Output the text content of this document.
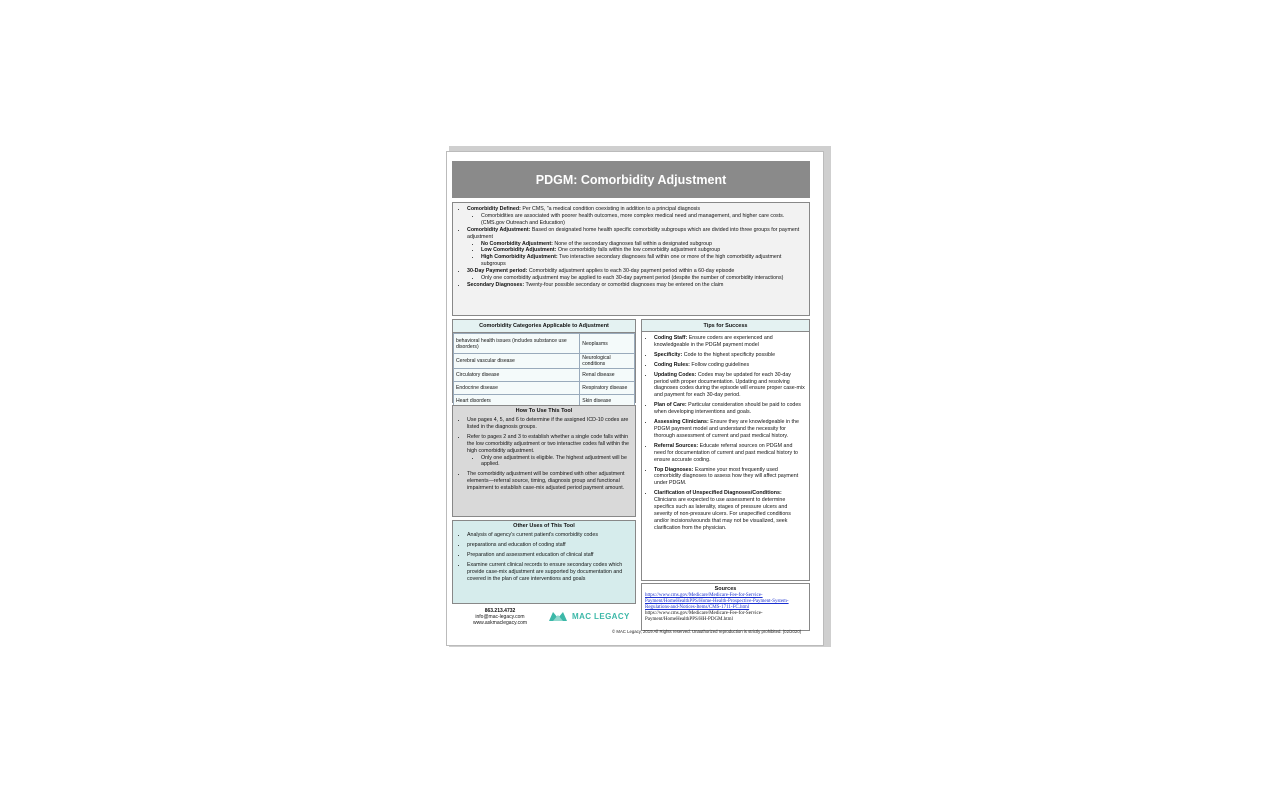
PDGM: Comorbidity Adjustment
• Comorbidity Defined: Per CMS, "a medical condition coexisting in addition to a principal diagnosis
• Comorbidities are associated with poorer health outcomes, more complex medical need and management, and higher care costs. (CMS.gov Outreach and Education)
• Comorbidity Adjustment: Based on designated home health specific comorbidity subgroups which are divided into three groups for payment adjustment
• No Comorbidity Adjustment: None of the secondary diagnoses fall within a designated subgroup
• Low Comorbidity Adjustment: One comorbidity falls within the low comorbidity adjustment subgroup
• High Comorbidity Adjustment: Two interactive secondary diagnoses fall within one or more of the high comorbidity adjustment subgroups
• 30-Day Payment period: Comorbidity adjustment applies to each 30-day payment period within a 60-day episode
• Only one comorbidity adjustment may be applied to each 30-day payment period (despite the number of comorbidity interactions)
• Secondary Diagnoses: Twenty-four possible secondary or comorbid diagnoses may be entered on the claim
Comorbidity Categories Applicable to Adjustment
behavioral health issues (includes substance use disorders)	Neoplasms
Cerebral vascular disease	Neurological conditions
Circulatory disease	Renal disease
Endocrine disease	Respiratory disease
Heart disorders	Skin disease
How To Use This Tool
• Use pages 4, 5, and 6 to determine if the assigned ICD-10 codes are listed in the diagnosis groups.
• Refer to pages 2 and 3 to establish whether a single code falls within the low comorbidity adjustment or two interactive codes fall within the high comorbidity adjustment.
• Only one adjustment is eligible. The highest adjustment will be applied.
• The comorbidity adjustment will be combined with other adjustment elements—referral source, timing, diagnosis group and functional impairment to establish case-mix adjusted period payment amount.
Other Uses of This Tool
• Analysis of agency's current patient's comorbidity codes
• preparations and education of coding staff
• Preparation and assessment education of clinical staff
• Examine current clinical records to ensure secondary codes which provide case-mix adjustment are supported by documentation and covered in the plan of care interventions and goals
Tips for Success
• Coding Staff: Ensure coders are experienced and knowledgeable in the PDGM payment model
• Specificity: Code to the highest specificity possible
• Coding Rules: Follow coding guidelines
• Updating Codes: Codes may be updated for each 30-day period with proper documentation. Updating and resolving diagnoses codes during the episode will ensure proper case-mix and payment for each 30-day period.
• Plan of Care: Particular consideration should be paid to codes when developing interventions and goals.
• Assessing Clinicians: Ensure they are knowledgeable in the PDGM payment model and understand the necessity for thorough assessment of current and past medical history.
• Referral Sources: Educate referral sources on PDGM and need for documentation of current and past medical history to ensure accurate coding.
• Top Diagnoses: Examine your most frequently used comorbidity diagnoses to assess how they will affect payment under PDGM.
• Clarification of Unspecified Diagnoses/Conditions: Clinicians are expected to use assessment to determine specifics such as laterality, stages of pressure ulcers and severity of non-pressure ulcers. For unspecified conditions and/or incisions/wounds that may not be visualized, seek clarification from the physician.
Sources
https://www.cms.gov/Medicare/Medicare-Fee-for-Service-Payment/HomeHealthPPS/Home-Health-Prospective-Payment-System-Regulations-and-Notices-Items/CMS-1711-FC.html
https://www.cms.gov/Medicare/Medicare-Fee-for-Service-Payment/HomeHealthPPS/HH-PDGM.html
863.213.4732
info@mac-legacy.com
www.askmaclegacy.com
MAC LEGACY
© MAC Legacy, 2019 All Rights reserved. Unauthorized reproduction is strictly prohibited. (02/2020)
